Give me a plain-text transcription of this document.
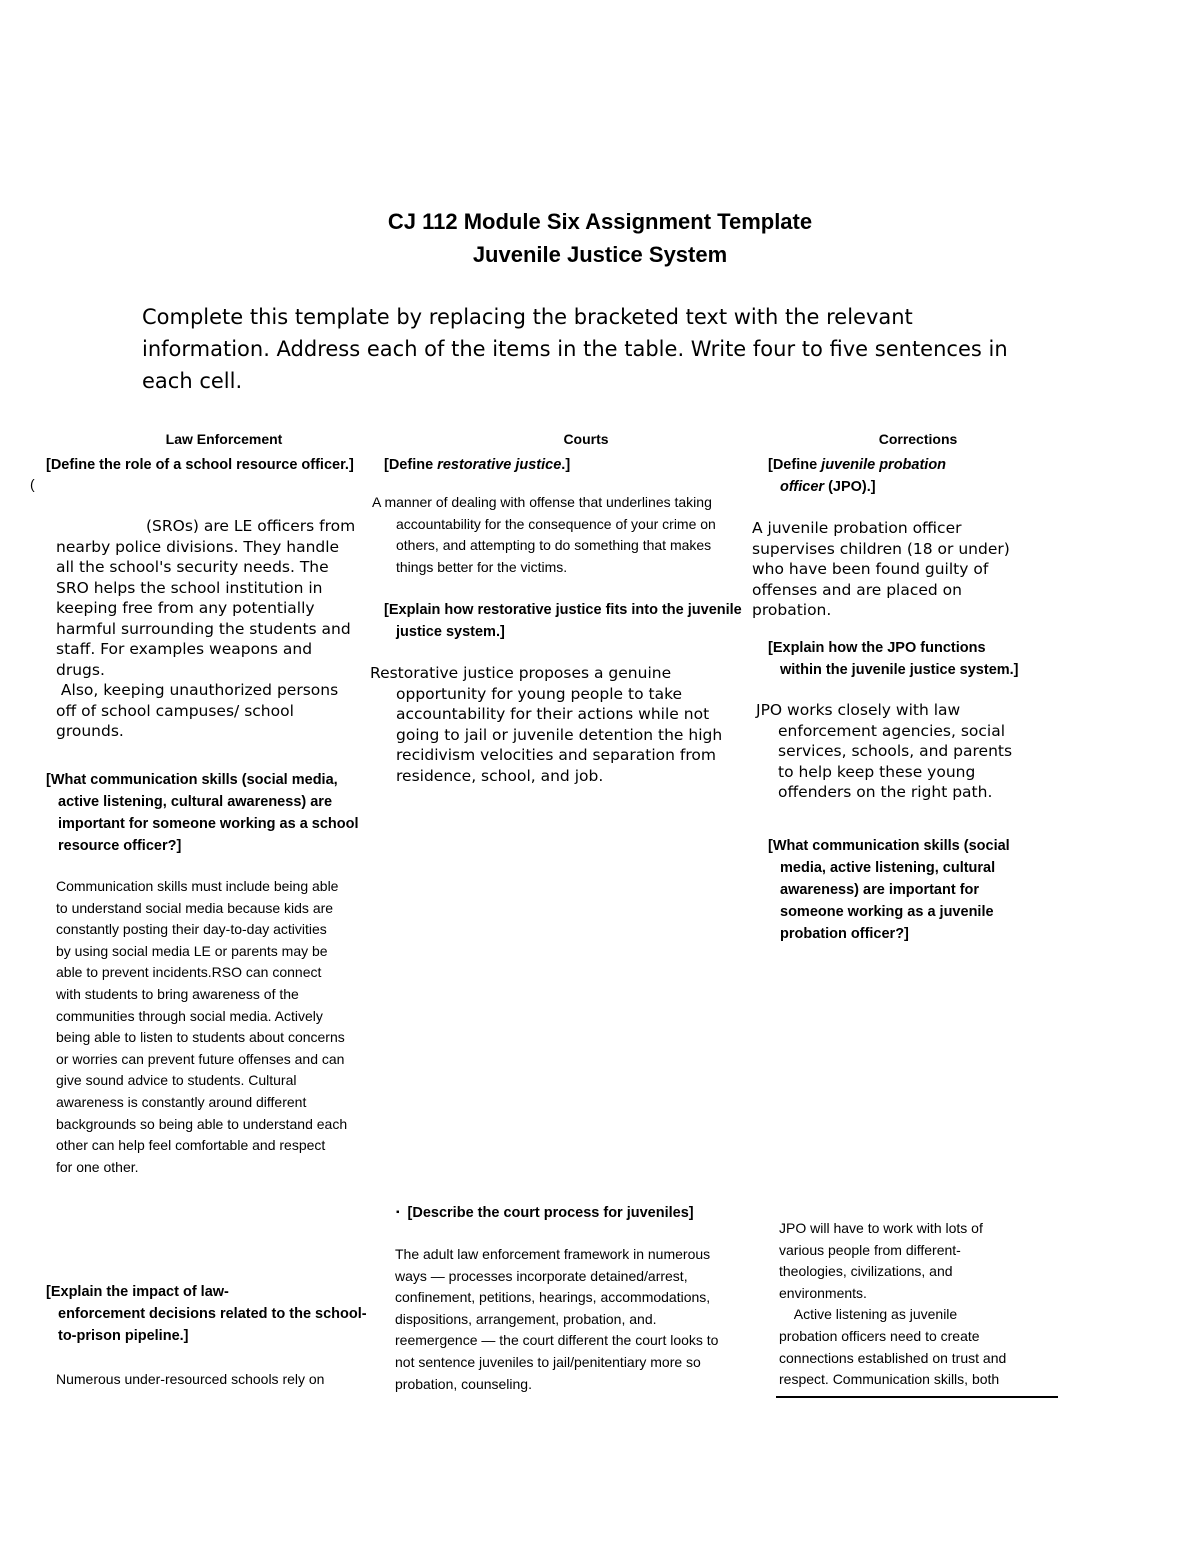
CJ 112 Module Six Assignment Template
Juvenile Justice System
Complete this template by replacing the bracketed text with the relevant
information. Address each of the items in the table. Write four to five sentences in
each cell.
Law Enforcement	Courts	Corrections
[Define the role of a school resource officer.]
(
(SROs) are LE officers from
nearby police divisions. They handle
all the school's security needs. The
SRO helps the school institution in
keeping free from any potentially
harmful surrounding the students and
staff. For examples weapons and
drugs.
Also, keeping unauthorized persons
off of school campuses/ school
grounds.
[What communication skills (social media,
active listening, cultural awareness) are
important for someone working as a school
resource officer?]
Communication skills must include being able
to understand social media because kids are
constantly posting their day-to-day activities
by using social media LE or parents may be
able to prevent incidents.RSO can connect
with students to bring awareness of the
communities through social media. Actively
being able to listen to students about concerns
or worries can prevent future offenses and can
give sound advice to students. Cultural
awareness is constantly around different
backgrounds so being able to understand each
other can help feel comfortable and respect
for one other.
[Explain the impact of law-
enforcement decisions related to the school-
to-prison pipeline.]
Numerous under-resourced schools rely on
[Define restorative justice.]
A manner of dealing with offense that underlines taking
accountability for the consequence of your crime on
others, and attempting to do something that makes
things better for the victims.
[Explain how restorative justice fits into the juvenile
justice system.]
Restorative justice proposes a genuine
opportunity for young people to take
accountability for their actions while not
going to jail or juvenile detention the high
recidivism velocities and separation from
residence, school, and job.
▪ [Describe the court process for juveniles]
The adult law enforcement framework in numerous
ways — processes incorporate detained/arrest,
confinement, petitions, hearings, accommodations,
dispositions, arrangement, probation, and.
reemergence — the court different the court looks to
not sentence juveniles to jail/penitentiary more so
probation, counseling.
[Define juvenile probation
officer (JPO).]
A juvenile probation officer
supervises children (18 or under)
who have been found guilty of
offenses and are placed on
probation.
[Explain how the JPO functions
within the juvenile justice system.]
JPO works closely with law
enforcement agencies, social
services, schools, and parents
to help keep these young
offenders on the right path.
[What communication skills (social
media, active listening, cultural
awareness) are important for
someone working as a juvenile
probation officer?]
JPO will have to work with lots of
various people from different-
theologies, civilizations, and
environments.
Active listening as juvenile
probation officers need to create
connections established on trust and
respect. Communication skills, both
